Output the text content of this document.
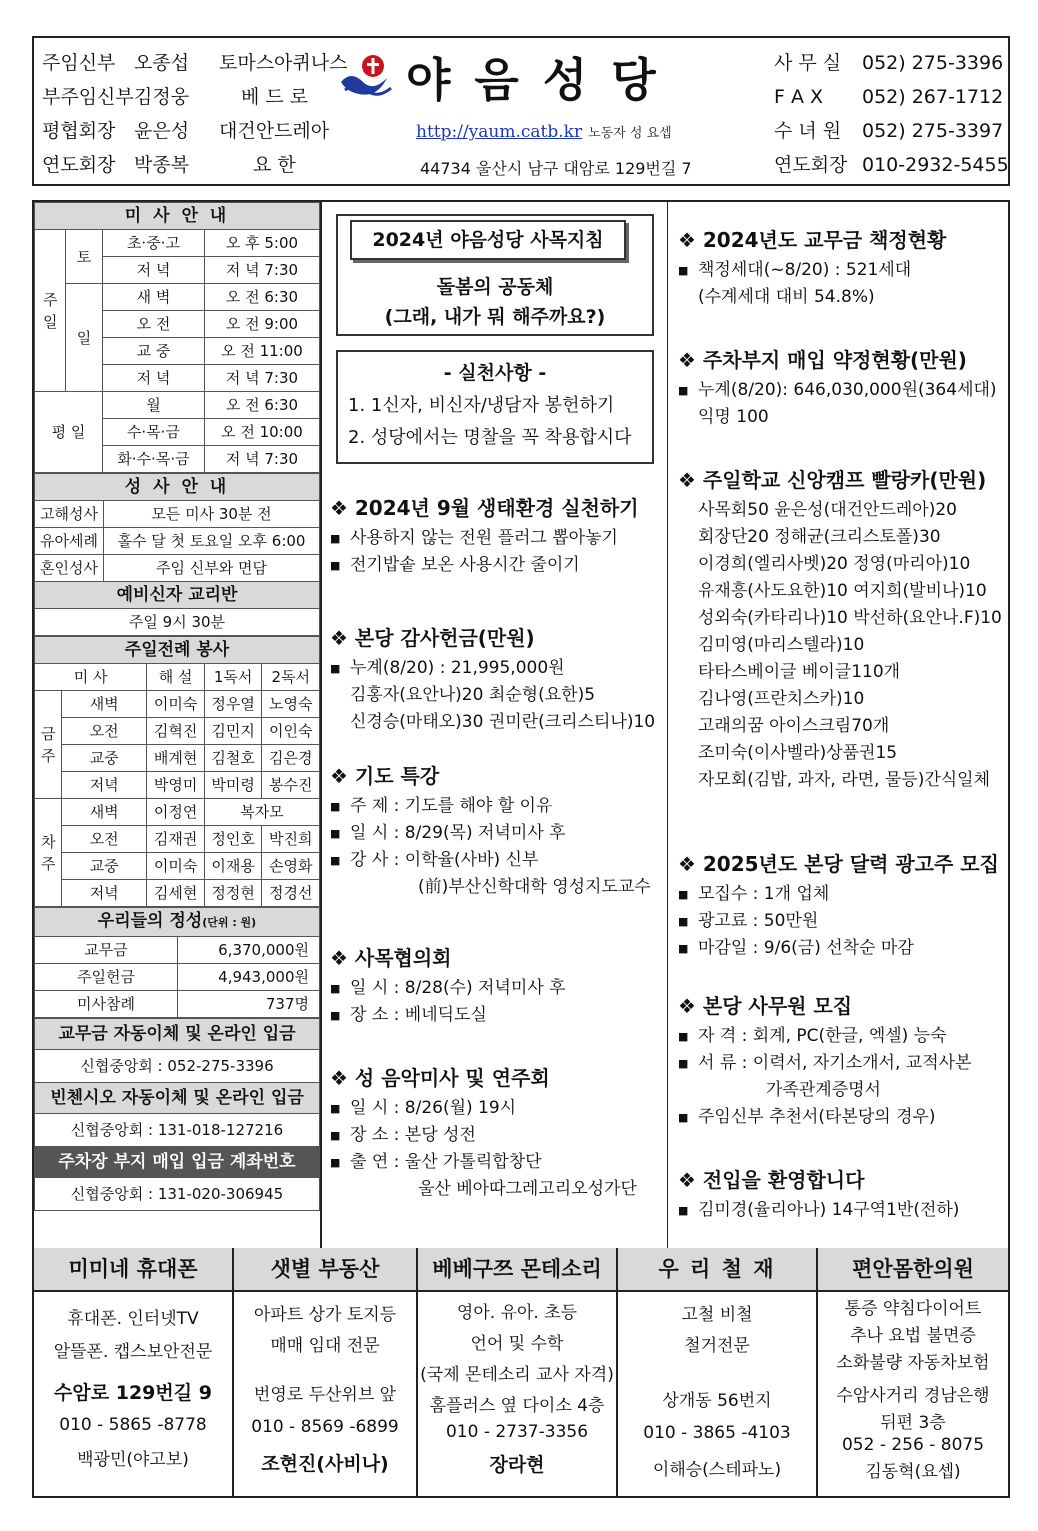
주임신부 오종섭 토마스아퀴나스
부주임신부김정웅	베 드 로
평협회장 윤은성 대건안드레아
연도회장 박종복	요 한
야음성당
http://yaum.catb.kr 노동자 성 요셉
44734 울산시 남구 대암로 129번길 7
사 무 실 052) 275-3396
F A X 052) 267-1712
수 녀 원 052) 275-3397
연도회장 010-2932-5455
미 사 안 내			

주일	토	초·중·고	오 후 5:00
		저 녁	저 녁 7:30
	일	새 벽	오 전 6:30
		오 전	오 전 9:00
		교 중	오 전 11:00
		저 녁	저 녁 7:30
평 일		월	오 전 6:30
		수·목·금	오 전 10:00
		화·수·목·금	저 녁 7:30
성 사 안 내	
고해성사	모든 미사 30분 전
유아세례	홀수 달 첫 토요일 오후 6:00
혼인성사	주임 신부와 면담
예비신자 교리반	
주일 9시 30분	
주일전례 봉사				
미 사		해 설	1독서	2독서

금주	새벽	이미숙	정우열	노영숙
	오전	김혁진	김민지	이인숙
	교중	배계현	김철호	김은경
	저녁	박영미	박미령	봉수진

차주	새벽	이정연	복자모	
	오전	김재권	정인호	박진희
	교중	이미숙	이재용	손영화
	저녁	김세현	정정현	정경선
우리들의 정성(단위 : 원)	
교무금	6,370,000원
주일헌금	4,943,000원
미사참례	737명
교무금 자동이체 및 온라인 입금
신협중앙회 : 052-275-3396
빈첸시오 자동이체 및 온라인 입금
신협중앙회 : 131-018-127216
주차장 부지 매입 입금 계좌번호
신협중앙회 : 131-020-306945
2024년 야음성당 사목지침
돌봄의 공동체
(그래, 내가 뭐 해주까요?)
- 실천사항 -
1. 1신자, 비신자/냉담자 봉헌하기
2. 성당에서는 명찰을 꼭 착용합시다
❖ 2024년 9월 생태환경 실천하기
■ 사용하지 않는 전원 플러그 뽑아놓기
■ 전기밥솥 보온 사용시간 줄이기
❖ 본당 감사헌금(만원)
■ 누계(8/20) : 21,995,000원
김홍자(요안나)20 최순형(요한)5
신경승(마태오)30 권미란(크리스티나)10
❖ 기도 특강
■ 주 제 : 기도를 해야 할 이유
■ 일 시 : 8/29(목) 저녁미사 후
■ 강 사 : 이학율(사바) 신부
　　　　(前)부산신학대학 영성지도교수
❖ 사목협의회
■ 일 시 : 8/28(수) 저녁미사 후
■ 장 소 : 베네딕도실
❖ 성 음악미사 및 연주회
■ 일 시 : 8/26(월) 19시
■ 장 소 : 본당 성전
■ 출 연 : 울산 가톨릭합창단
　　　　울산 베아따그레고리오성가단
❖ 2024년도 교무금 책정현황
■ 책정세대(~8/20) : 521세대
(수계세대 대비 54.8%)
❖ 주차부지 매입 약정현황(만원)
■ 누계(8/20): 646,030,000원(364세대)
익명 100
❖ 주일학교 신앙캠프 빨랑카(만원)
사목회50 윤은성(대건안드레아)20
회장단20 정해균(크리스토폴)30
이경희(엘리사벳)20 정영(마리아)10
유재흥(사도요한)10 여지희(발비나)10
성외숙(카타리나)10 박선하(요안나.F)10
김미영(마리스텔라)10
타타스베이글 베이글110개
김나영(프란치스카)10
고래의꿈 아이스크림70개
조미숙(이사벨라)상품권15
자모회(김밥, 과자, 라면, 물등)간식일체
❖ 2025년도 본당 달력 광고주 모집
■ 모집수 : 1개 업체
■ 광고료 : 50만원
■ 마감일 : 9/6(금) 선착순 마감
❖ 본당 사무원 모집
■ 자 격 : 회계, PC(한글, 엑셀) 능숙
■ 서 류 : 이력서, 자기소개서, 교적사본
　　　　가족관계증명서
■ 주임신부 추천서(타본당의 경우)
❖ 전입을 환영합니다
■ 김미경(율리아나) 14구역1반(전하)
미미네 휴대폰
휴대폰. 인터넷TV
알뜰폰. 캡스보안전문
수암로 129번길 9
010 - 5865 -8778
백광민(야고보)
샛별 부동산
아파트 상가 토지등
매매 임대 전문
번영로 두산위브 앞
010 - 8569 -6899
조현진(사비나)
베베구쯔 몬테소리
영아. 유아. 초등
언어 및 수학
(국제 몬테소리 교사 자격)
홈플러스 옆 다이소 4층
010 - 2737-3356
장라현
우 리 철 재
고철 비철
철거전문
상개동 56번지
010 - 3865 -4103
이해승(스테파노)
편안몸한의원
통증 약침다이어트
추나 요법 불면증
소화불량 자동차보험
수암사거리 경남은행
뒤편 3층
052 - 256 - 8075
김동혁(요셉)
